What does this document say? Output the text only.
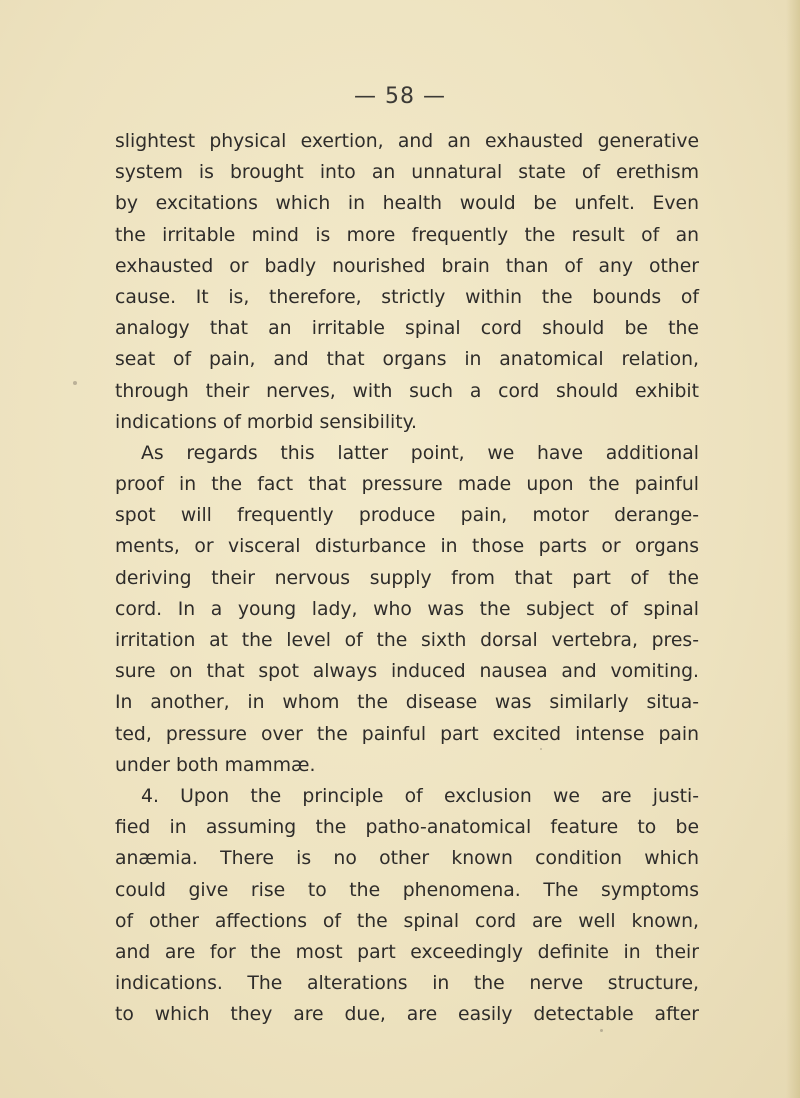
— 58 —
slightest physical exertion, and an exhausted generative
system is brought into an unnatural state of erethism
by excitations which in health would be unfelt. Even
the irritable mind is more frequently the result of an
exhausted or badly nourished brain than of any other
cause. It is, therefore, strictly within the bounds of
analogy that an irritable spinal cord should be the
seat of pain, and that organs in anatomical relation,
through their nerves, with such a cord should exhibit
indications of morbid sensibility.
As regards this latter point, we have additional
proof in the fact that pressure made upon the painful
spot will frequently produce pain, motor derange-
ments, or visceral disturbance in those parts or organs
deriving their nervous supply from that part of the
cord. In a young lady, who was the subject of spinal
irritation at the level of the sixth dorsal vertebra, pres-
sure on that spot always induced nausea and vomiting.
In another, in whom the disease was similarly situa-
ted, pressure over the painful part excited intense pain
under both mammæ.
4. Upon the principle of exclusion we are justi-
fied in assuming the patho-anatomical feature to be
anæmia. There is no other known condition which
could give rise to the phenomena. The symptoms
of other affections of the spinal cord are well known,
and are for the most part exceedingly definite in their
indications. The alterations in the nerve structure,
to which they are due, are easily detectable after
